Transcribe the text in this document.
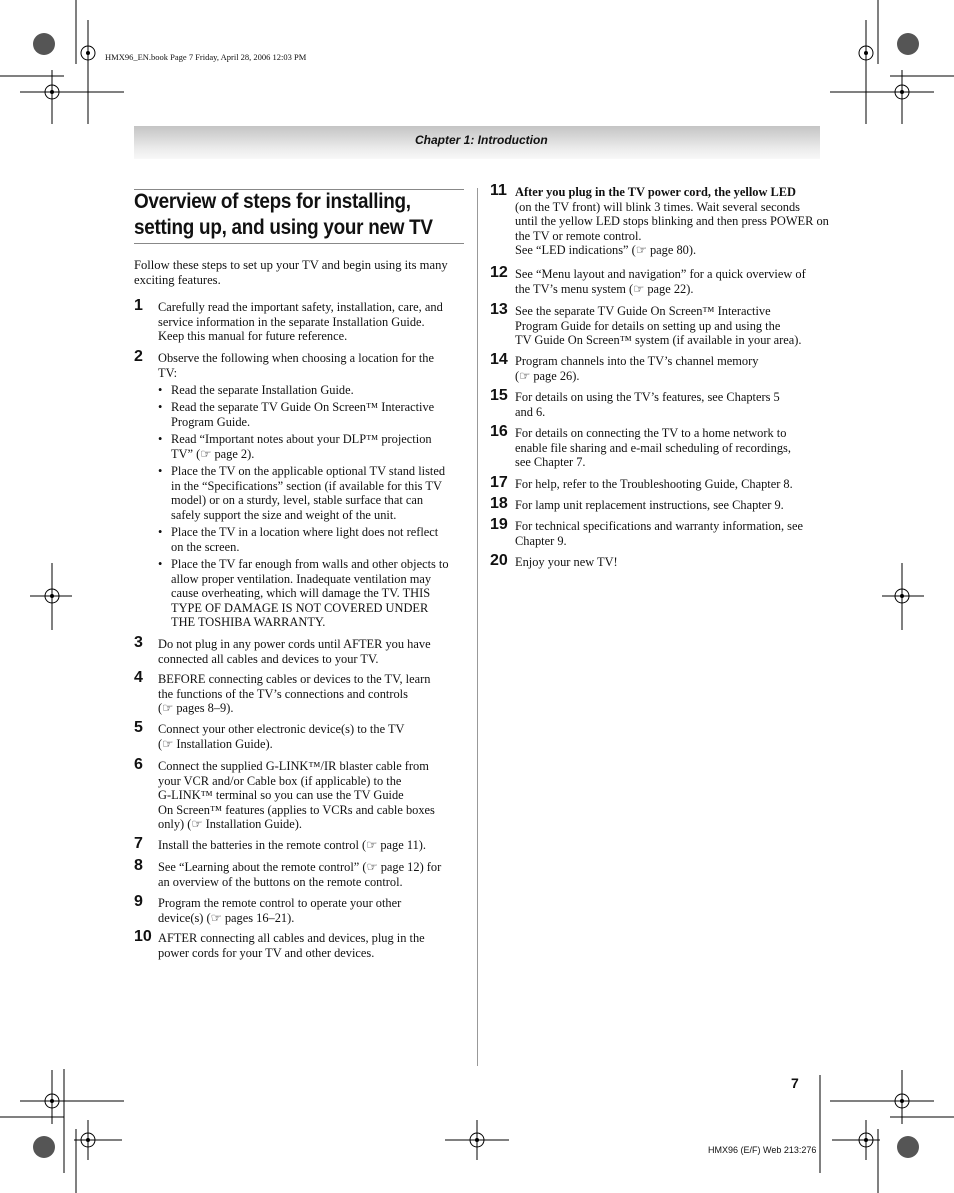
HMX96_EN.book Page 7 Friday, April 28, 2006 12:03 PM
Chapter 1: Introduction
Overview of steps for installing,
setting up, and using your new TV
Follow these steps to set up your TV and begin using its many exciting features.
1 Carefully read the important safety, installation, care, and
service information in the separate Installation Guide.
Keep this manual for future reference.
2 Observe the following when choosing a location for the
TV:
3 Do not plug in any power cords until AFTER you have
connected all cables and devices to your TV.
4 BEFORE connecting cables or devices to the TV, learn
the functions of the TV’s connections and controls
(☞ pages 8–9).
5 Connect your other electronic device(s) to the TV
(☞ Installation Guide).
6 Connect the supplied G-LINK™/IR blaster cable from
your VCR and/or Cable box (if applicable) to the
G-LINK™ terminal so you can use the TV Guide
On Screen™ features (applies to VCRs and cable boxes
only) (☞ Installation Guide).
7 Install the batteries in the remote control (☞ page 11).
8 See “Learning about the remote control” (☞ page 12) for
an overview of the buttons on the remote control.
9 Program the remote control to operate your other
device(s) (☞ pages 16–21).
10 AFTER connecting all cables and devices, plug in the
power cords for your TV and other devices.
• Read the separate Installation Guide.
• Read the separate TV Guide On Screen™ Interactive
Program Guide.
• Read “Important notes about your DLP™ projection
TV” (☞ page 2).
• Place the TV on the applicable optional TV stand listed
in the “Specifications” section (if available for this TV
model) or on a sturdy, level, stable surface that can
safely support the size and weight of the unit.
• Place the TV in a location where light does not reflect
on the screen.
• Place the TV far enough from walls and other objects to
allow proper ventilation. Inadequate ventilation may
cause overheating, which will damage the TV. THIS
TYPE OF DAMAGE IS NOT COVERED UNDER
THE TOSHIBA WARRANTY.
11 After you plug in the TV power cord, the yellow LED
(on the TV front) will blink 3 times. Wait several seconds
until the yellow LED stops blinking and then press POWER on
the TV or remote control.
See “LED indications” (☞ page 80).
12 See “Menu layout and navigation” for a quick overview of
the TV’s menu system (☞ page 22).
13 See the separate TV Guide On Screen™ Interactive
Program Guide for details on setting up and using the
TV Guide On Screen™ system (if available in your area).
14 Program channels into the TV’s channel memory
(☞ page 26).
15 For details on using the TV’s features, see Chapters 5
and 6.
16 For details on connecting the TV to a home network to
enable file sharing and e-mail scheduling of recordings,
see Chapter 7.
17 For help, refer to the Troubleshooting Guide, Chapter 8.
18 For lamp unit replacement instructions, see Chapter 9.
19 For technical specifications and warranty information, see
Chapter 9.
20 Enjoy your new TV!
7
HMX96 (E/F) Web 213:276
